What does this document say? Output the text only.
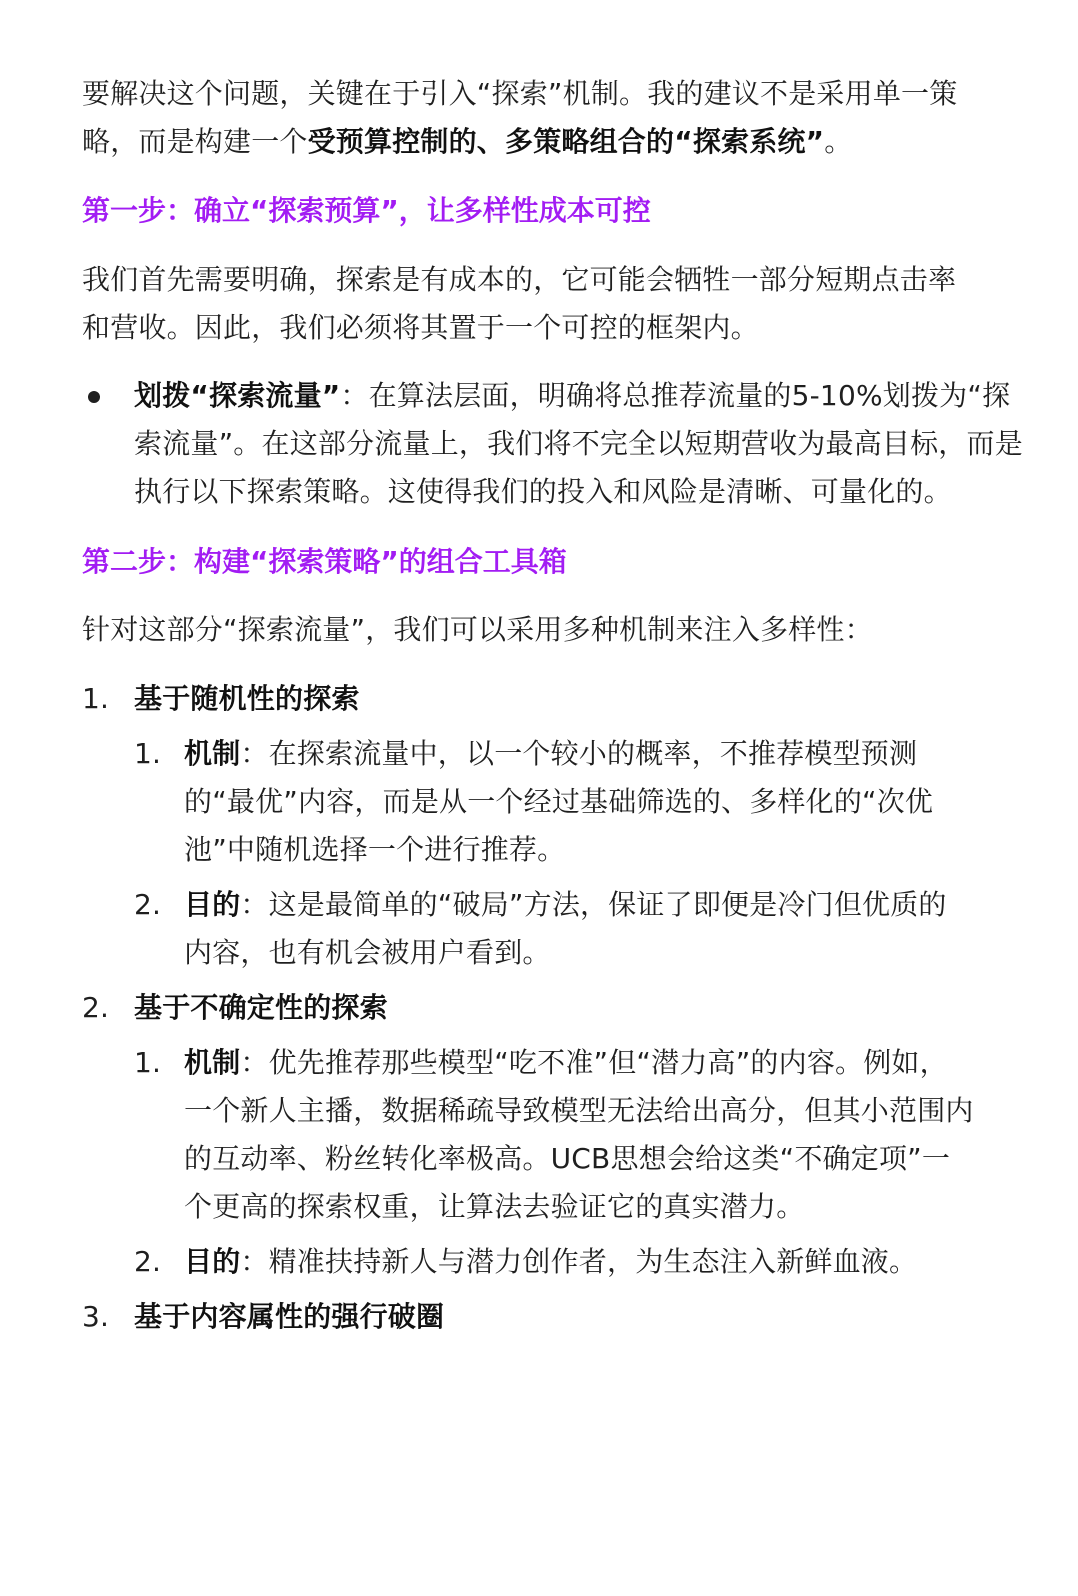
要解决这个问题，关键在于引入“探索”机制。我的建议不是采用单一策略，而是构建一个受预算控制的、多策略组合的“探索系统”。

第一步：确立“探索预算”，让多样性成本可控

我们首先需要明确，探索是有成本的，它可能会牺牲一部分短期点击率和营收。因此，我们必须将其置于一个可控的框架内。

划拨“探索流量”：在算法层面，明确将总推荐流量的5-10%划拨为“探索流量”。在这部分流量上，我们将不完全以短期营收为最高目标，而是执行以下探索策略。这使得我们的投入和风险是清晰、可量化的。
第二步：构建“探索策略”的组合工具箱

针对这部分“探索流量”，我们可以采用多种机制来注入多样性：

1. 基于随机性的探索
1. 机制：在探索流量中，以一个较小的概率，不推荐模型预测的“最优”内容，而是从一个经过基础筛选的、多样化的“次优池”中随机选择一个进行推荐。
2. 目的：这是最简单的“破局”方法，保证了即便是冷门但优质的内容，也有机会被用户看到。
2. 基于不确定性的探索
1. 机制：优先推荐那些模型“吃不准”但“潜力高”的内容。例如，一个新人主播，数据稀疏导致模型无法给出高分，但其小范围内的互动率、粉丝转化率极高。UCB思想会给这类“不确定项”一个更高的探索权重，让算法去验证它的真实潜力。
2. 目的：精准扶持新人与潜力创作者，为生态注入新鲜血液。
3. 基于内容属性的强行破圈
